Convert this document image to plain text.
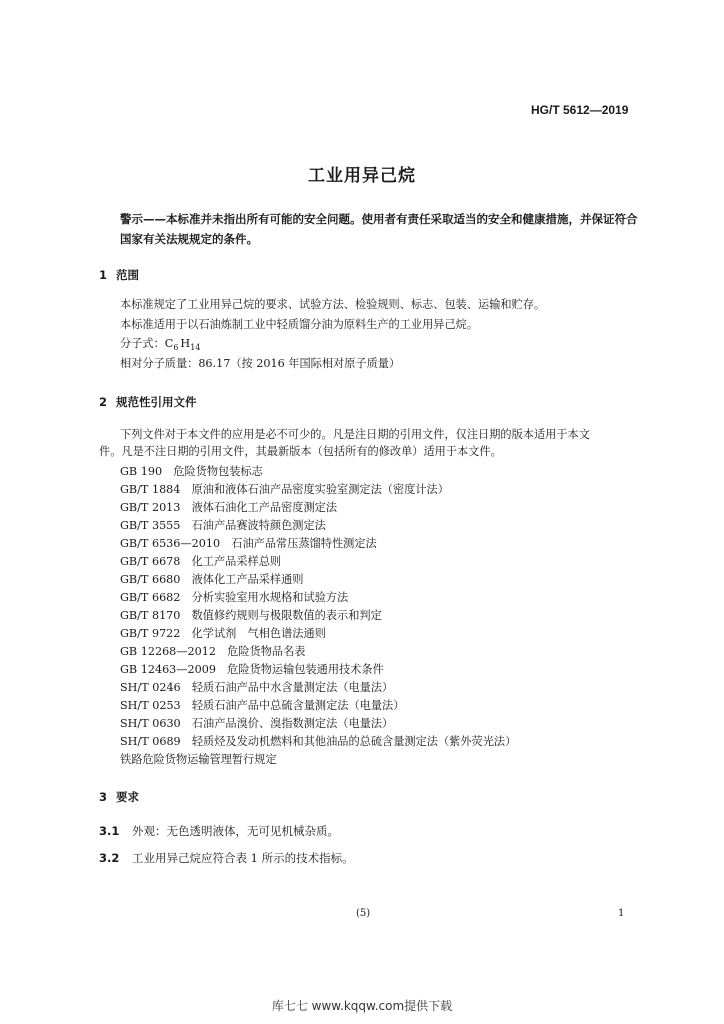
HG/T 5612—2019
工业用异己烷
警示——本标准并未指出所有可能的安全问题。使用者有责任采取适当的安全和健康措施，并保证符合国家有关法规规定的条件。
1 范围
本标准规定了工业用异己烷的要求、试验方法、检验规则、标志、包装、运输和贮存。
本标准适用于以石油炼制工业中轻质馏分油为原料生产的工业用异己烷。
分子式：$C_6$ $H_{14}$
相对分子质量：86.17（按 2016 年国际相对原子质量）
2 规范性引用文件
下列文件对于本文件的应用是必不可少的。凡是注日期的引用文件，仅注日期的版本适用于本文
件。凡是不注日期的引用文件，其最新版本（包括所有的修改单）适用于本文件。
GB 190　危险货物包装标志
GB/T 1884　原油和液体石油产品密度实验室测定法（密度计法）
GB/T 2013　液体石油化工产品密度测定法
GB/T 3555　石油产品赛波特颜色测定法
GB/T 6536—2010　石油产品常压蒸馏特性测定法
GB/T 6678　化工产品采样总则
GB/T 6680　液体化工产品采样通则
GB/T 6682　分析实验室用水规格和试验方法
GB/T 8170　数值修约规则与极限数值的表示和判定
GB/T 9722　化学试剂　气相色谱法通则
GB 12268—2012　危险货物品名表
GB 12463—2009　危险货物运输包装通用技术条件
SH/T 0246　轻质石油产品中水含量测定法（电量法）
SH/T 0253　轻质石油产品中总硫含量测定法（电量法）
SH/T 0630　石油产品溴价、溴指数测定法（电量法）
SH/T 0689　轻质烃及发动机燃料和其他油品的总硫含量测定法（紫外荧光法）
铁路危险货物运输管理暂行规定
3 要求
3.1 外观：无色透明液体，无可见机械杂质。
3.2 工业用异己烷应符合表 1 所示的技术指标。
(5)	1
库七七 www.kqqw.com提供下载
